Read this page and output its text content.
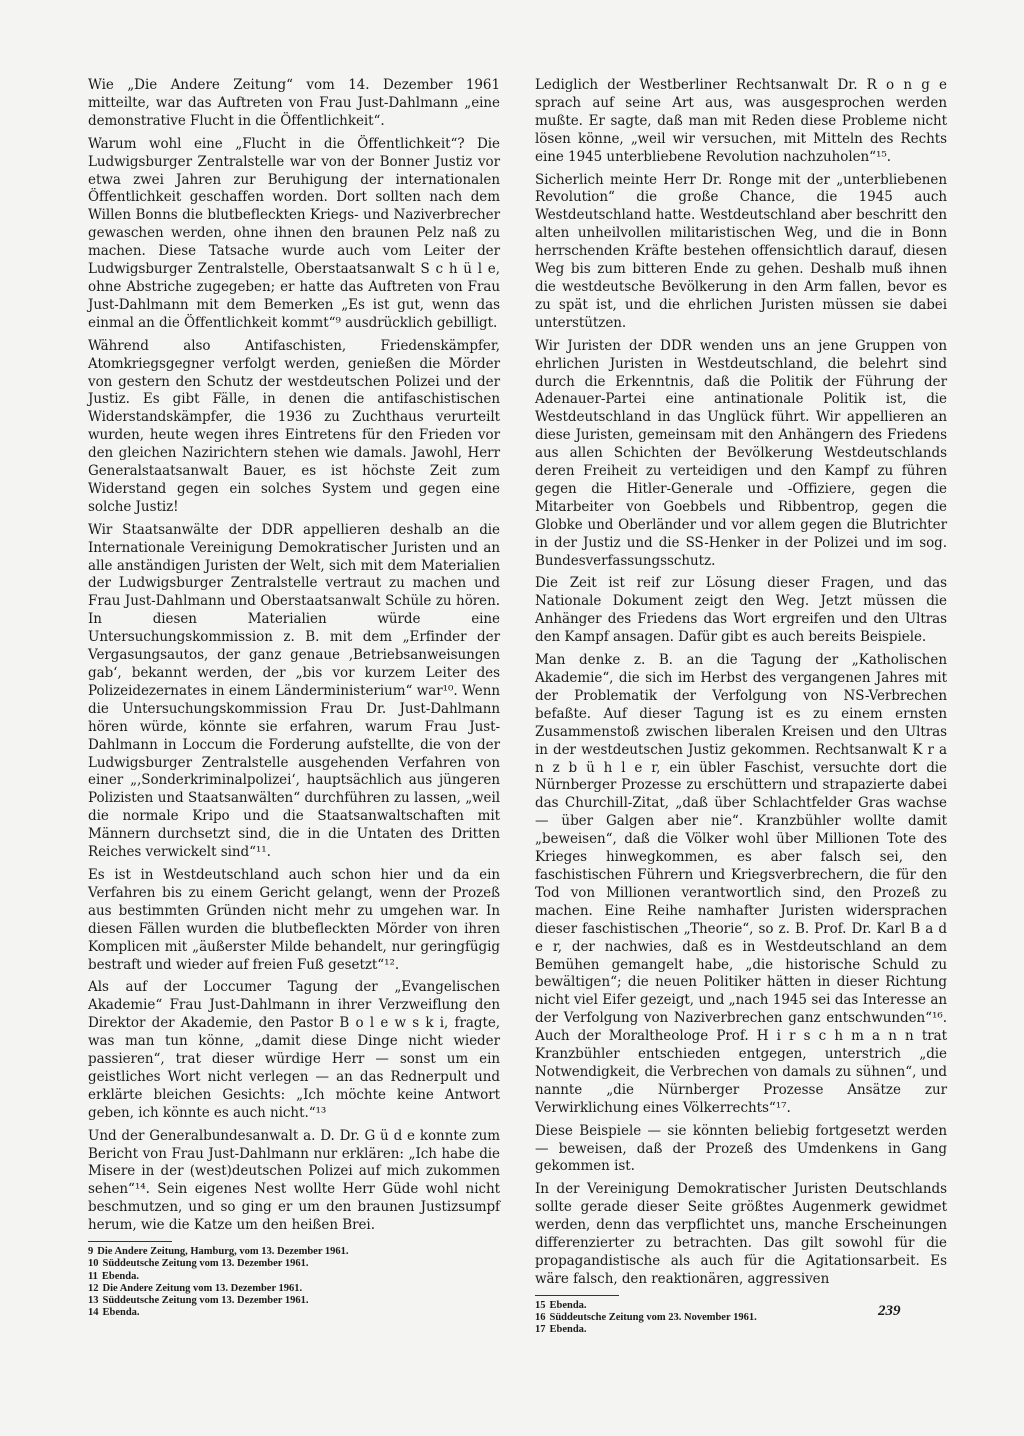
Wie „Die Andere Zeitung“ vom 14. Dezember 1961 mitteilte, war das Auftreten von Frau Just-Dahlmann „eine demonstrative Flucht in die Öffentlichkeit“.

Warum wohl eine „Flucht in die Öffentlichkeit“? Die Ludwigsburger Zentralstelle war von der Bonner Justiz vor etwa zwei Jahren zur Beruhigung der internationalen Öffentlichkeit geschaffen worden. Dort sollten nach dem Willen Bonns die blutbefleckten Kriegs- und Naziverbrecher gewaschen werden, ohne ihnen den braunen Pelz naß zu machen. Diese Tatsache wurde auch vom Leiter der Ludwigsburger Zentralstelle, Oberstaatsanwalt S c h ü l e, ohne Abstriche zugegeben; er hatte das Auftreten von Frau Just-Dahlmann mit dem Bemerken „Es ist gut, wenn das einmal an die Öffentlichkeit kommt“⁹ ausdrücklich gebilligt.

Während also Antifaschisten, Friedenskämpfer, Atomkriegsgegner verfolgt werden, genießen die Mörder von gestern den Schutz der westdeutschen Polizei und der Justiz. Es gibt Fälle, in denen die antifaschistischen Widerstandskämpfer, die 1936 zu Zuchthaus verurteilt wurden, heute wegen ihres Eintretens für den Frieden vor den gleichen Nazirichtern stehen wie damals. Jawohl, Herr Generalstaatsanwalt Bauer, es ist höchste Zeit zum Widerstand gegen ein solches System und gegen eine solche Justiz!

Wir Staatsanwälte der DDR appellieren deshalb an die Internationale Vereinigung Demokratischer Juristen und an alle anständigen Juristen der Welt, sich mit dem Materialien der Ludwigsburger Zentralstelle vertraut zu machen und Frau Just-Dahlmann und Oberstaatsanwalt Schüle zu hören. In diesen Materialien würde eine Untersuchungskommission z. B. mit dem „Erfinder der Vergasungsautos, der ganz genaue ‚Betriebsanweisungen gab‘, bekannt werden, der „bis vor kurzem Leiter des Polizeidezernates in einem Länderministerium“ war¹⁰. Wenn die Untersuchungskommission Frau Dr. Just-Dahlmann hören würde, könnte sie erfahren, warum Frau Just-Dahlmann in Loccum die Forderung aufstellte, die von der Ludwigsburger Zentralstelle ausgehenden Verfahren von einer „‚Sonderkriminalpolizei‘, hauptsächlich aus jüngeren Polizisten und Staatsanwälten“ durchführen zu lassen, „weil die normale Kripo und die Staatsanwaltschaften mit Männern durchsetzt sind, die in die Untaten des Dritten Reiches verwickelt sind“¹¹.

Es ist in Westdeutschland auch schon hier und da ein Verfahren bis zu einem Gericht gelangt, wenn der Prozeß aus bestimmten Gründen nicht mehr zu umgehen war. In diesen Fällen wurden die blutbefleckten Mörder von ihren Komplicen mit „äußerster Milde behandelt, nur geringfügig bestraft und wieder auf freien Fuß gesetzt“¹².

Als auf der Loccumer Tagung der „Evangelischen Akademie“ Frau Just-Dahlmann in ihrer Verzweiflung den Direktor der Akademie, den Pastor B o l e w s k i, fragte, was man tun könne, „damit diese Dinge nicht wieder passieren“, trat dieser würdige Herr — sonst um ein geistliches Wort nicht verlegen — an das Rednerpult und erklärte bleichen Gesichts: „Ich möchte keine Antwort geben, ich könnte es auch nicht.“¹³

Und der Generalbundesanwalt a. D. Dr. G ü d e konnte zum Bericht von Frau Just-Dahlmann nur erklären: „Ich habe die Misere in der (west)deutschen Polizei auf mich zukommen sehen“¹⁴. Sein eigenes Nest wollte Herr Güde wohl nicht beschmutzen, und so ging er um den braunen Justizsumpf herum, wie die Katze um den heißen Brei.

9 Die Andere Zeitung, Hamburg, vom 13. Dezember 1961.
10 Süddeutsche Zeitung vom 13. Dezember 1961.
11 Ebenda.
12 Die Andere Zeitung vom 13. Dezember 1961.
13 Süddeutsche Zeitung vom 13. Dezember 1961.
14 Ebenda.

Lediglich der Westberliner Rechtsanwalt Dr. R o n g e sprach auf seine Art aus, was ausgesprochen werden mußte. Er sagte, daß man mit Reden diese Probleme nicht lösen könne, „weil wir versuchen, mit Mitteln des Rechts eine 1945 unterbliebene Revolution nachzuholen“¹⁵.

Sicherlich meinte Herr Dr. Ronge mit der „unterbliebenen Revolution“ die große Chance, die 1945 auch Westdeutschland hatte. Westdeutschland aber beschritt den alten unheilvollen militaristischen Weg, und die in Bonn herrschenden Kräfte bestehen offensichtlich darauf, diesen Weg bis zum bitteren Ende zu gehen. Deshalb muß ihnen die westdeutsche Bevölkerung in den Arm fallen, bevor es zu spät ist, und die ehrlichen Juristen müssen sie dabei unterstützen.

Wir Juristen der DDR wenden uns an jene Gruppen von ehrlichen Juristen in Westdeutschland, die belehrt sind durch die Erkenntnis, daß die Politik der Führung der Adenauer-Partei eine antinationale Politik ist, die Westdeutschland in das Unglück führt. Wir appellieren an diese Juristen, gemeinsam mit den Anhängern des Friedens aus allen Schichten der Bevölkerung Westdeutschlands deren Freiheit zu verteidigen und den Kampf zu führen gegen die Hitler-Generale und -Offiziere, gegen die Mitarbeiter von Goebbels und Ribbentrop, gegen die Globke und Oberländer und vor allem gegen die Blutrichter in der Justiz und die SS-Henker in der Polizei und im sog. Bundesverfassungsschutz.

Die Zeit ist reif zur Lösung dieser Fragen, und das Nationale Dokument zeigt den Weg. Jetzt müssen die Anhänger des Friedens das Wort ergreifen und den Ultras den Kampf ansagen. Dafür gibt es auch bereits Beispiele.

Man denke z. B. an die Tagung der „Katholischen Akademie“, die sich im Herbst des vergangenen Jahres mit der Problematik der Verfolgung von NS-Verbrechen befaßte. Auf dieser Tagung ist es zu einem ernsten Zusammenstoß zwischen liberalen Kreisen und den Ultras in der westdeutschen Justiz gekommen. Rechtsanwalt K r a n z b ü h l e r, ein übler Faschist, versuchte dort die Nürnberger Prozesse zu erschüttern und strapazierte dabei das Churchill-Zitat, „daß über Schlachtfelder Gras wachse — über Galgen aber nie“. Kranzbühler wollte damit „beweisen“, daß die Völker wohl über Millionen Tote des Krieges hinwegkommen, es aber falsch sei, den faschistischen Führern und Kriegsverbrechern, die für den Tod von Millionen verantwortlich sind, den Prozeß zu machen. Eine Reihe namhafter Juristen widersprachen dieser faschistischen „Theorie“, so z. B. Prof. Dr. Karl B a d e r, der nachwies, daß es in Westdeutschland an dem Bemühen gemangelt habe, „die historische Schuld zu bewältigen“; die neuen Politiker hätten in dieser Richtung nicht viel Eifer gezeigt, und „nach 1945 sei das Interesse an der Verfolgung von Naziverbrechen ganz entschwunden“¹⁶. Auch der Moraltheologe Prof. H i r s c h m a n n trat Kranzbühler entschieden entgegen, unterstrich „die Notwendigkeit, die Verbrechen von damals zu sühnen“, und nannte „die Nürnberger Prozesse Ansätze zur Verwirklichung eines Völkerrechts“¹⁷.

Diese Beispiele — sie könnten beliebig fortgesetzt werden — beweisen, daß der Prozeß des Umdenkens in Gang gekommen ist.

In der Vereinigung Demokratischer Juristen Deutschlands sollte gerade dieser Seite größtes Augenmerk gewidmet werden, denn das verpflichtet uns, manche Erscheinungen differenzierter zu betrachten. Das gilt sowohl für die propagandistische als auch für die Agitationsarbeit. Es wäre falsch, den reaktionären, aggressiven

15 Ebenda.
16 Süddeutsche Zeitung vom 23. November 1961.
17 Ebenda.
239
